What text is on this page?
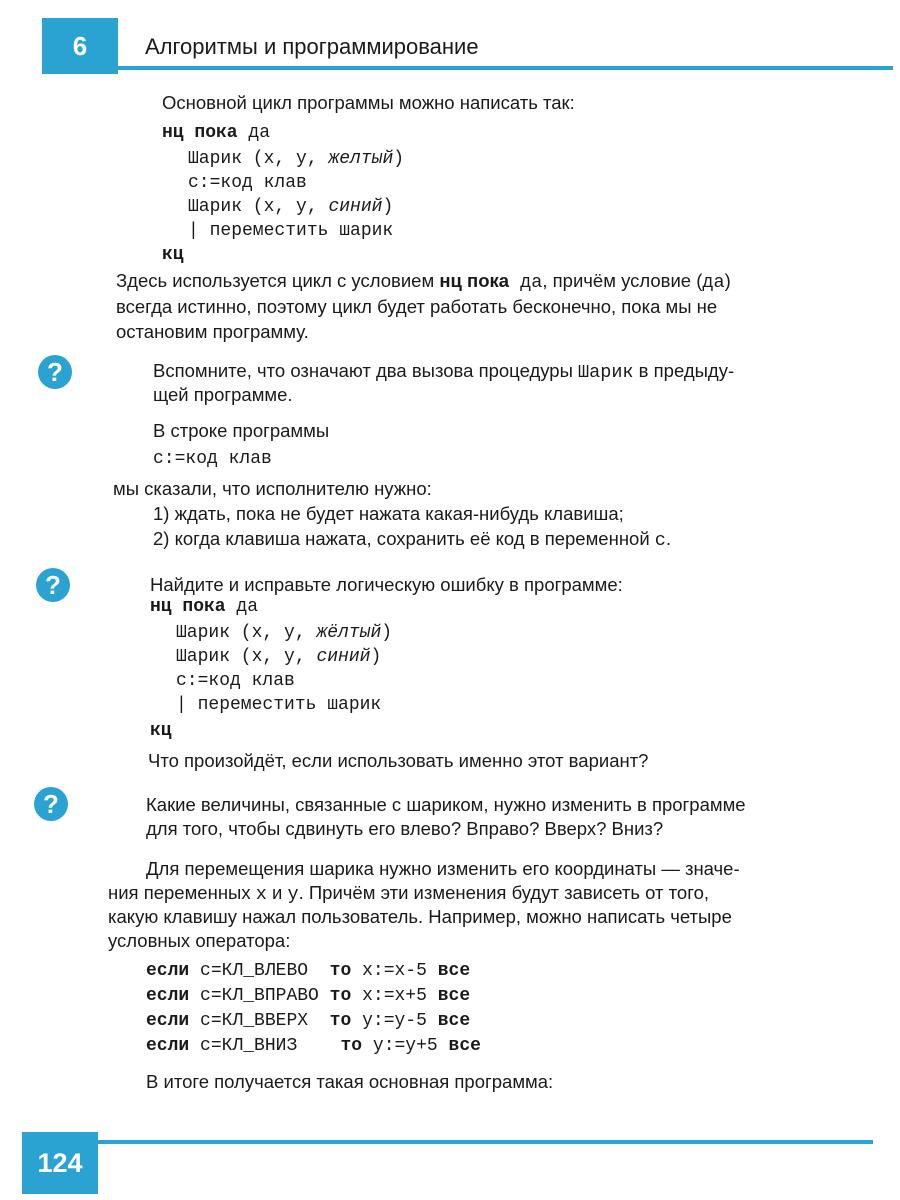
6	Алгоритмы и программирование
Основной цикл программы можно написать так:
нц пока да
Шарик (x, y, желтый)
с:=код клав
Шарик (x, y, синий)
| переместить шарик
кц
Здесь используется цикл с условием нц пока да, причём условие (да)
всегда истинно, поэтому цикл будет работать бесконечно, пока мы не
остановим программу.
?	Вспомните, что означают два вызова процедуры Шарик в предыду-
щей программе.
В строке программы
с:=код клав
мы сказали, что исполнителю нужно:
1) ждать, пока не будет нажата какая-нибудь клавиша;
2) когда клавиша нажата, сохранить её код в переменной с.
?	Найдите и исправьте логическую ошибку в программе:
нц пока да
Шарик (x, y, жёлтый)
Шарик (x, y, синий)
с:=код клав
| переместить шарик
кц
Что произойдёт, если использовать именно этот вариант?
?	Какие величины, связанные с шариком, нужно изменить в программе
для того, чтобы сдвинуть его влево? Вправо? Вверх? Вниз?
Для перемещения шарика нужно изменить его координаты — значе-
ния переменных x и y. Причём эти изменения будут зависеть от того,
какую клавишу нажал пользователь. Например, можно написать четыре
условных оператора:
если с=КЛ_ВЛЕВО то x:=x-5 все
если с=КЛ_ВПРАВО то x:=x+5 все
если с=КЛ_ВВЕРХ то y:=y-5 все
если с=КЛ_ВНИЗ то y:=y+5 все
В итоге получается такая основная программа:
124
